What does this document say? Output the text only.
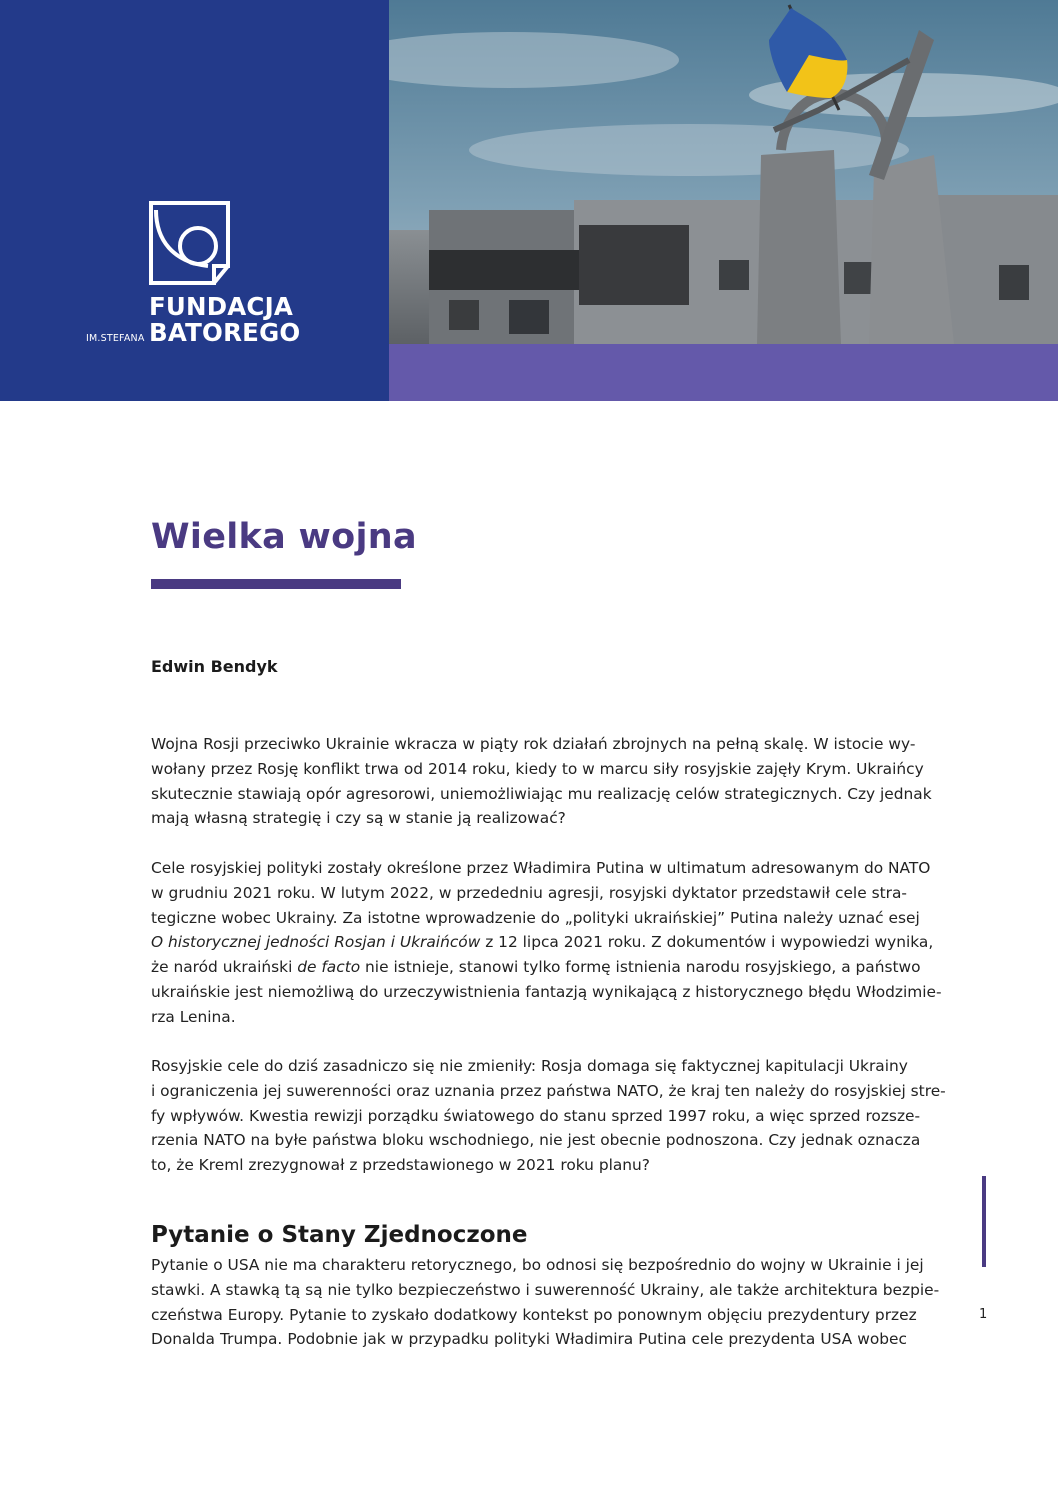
FUNDACJA
BATOREGO
IM.STEFANA
Wielka wojna
Edwin Bendyk
Wojna Rosji przeciwko Ukrainie wkracza w piąty rok działań zbrojnych na pełną skalę. W istocie wy-
wołany przez Rosję konflikt trwa od 2014 roku, kiedy to w marcu siły rosyjskie zajęły Krym. Ukraińcy
skutecznie stawiają opór agresorowi, uniemożliwiając mu realizację celów strategicznych. Czy jednak
mają własną strategię i czy są w stanie ją realizować?
Cele rosyjskiej polityki zostały określone przez Władimira Putina w ultimatum adresowanym do NATO
w grudniu 2021 roku. W lutym 2022, w przededniu agresji, rosyjski dyktator przedstawił cele stra-
tegiczne wobec Ukrainy. Za istotne wprowadzenie do „polityki ukraińskiej” Putina należy uznać esej
O historycznej jedności Rosjan i Ukraińców z 12 lipca 2021 roku. Z dokumentów i wypowiedzi wynika,
że naród ukraiński de facto nie istnieje, stanowi tylko formę istnienia narodu rosyjskiego, a państwo
ukraińskie jest niemożliwą do urzeczywistnienia fantazją wynikającą z historycznego błędu Włodzimie-
rza Lenina.
Rosyjskie cele do dziś zasadniczo się nie zmieniły: Rosja domaga się faktycznej kapitulacji Ukrainy
i ograniczenia jej suwerenności oraz uznania przez państwa NATO, że kraj ten należy do rosyjskiej stre-
fy wpływów. Kwestia rewizji porządku światowego do stanu sprzed 1997 roku, a więc sprzed rozsze-
rzenia NATO na byłe państwa bloku wschodniego, nie jest obecnie podnoszona. Czy jednak oznacza
to, że Kreml zrezygnował z przedstawionego w 2021 roku planu?
Pytanie o Stany Zjednoczone
Pytanie o USA nie ma charakteru retorycznego, bo odnosi się bezpośrednio do wojny w Ukrainie i jej
stawki. A stawką tą są nie tylko bezpieczeństwo i suwerenność Ukrainy, ale także architektura bezpie-
czeństwa Europy. Pytanie to zyskało dodatkowy kontekst po ponownym objęciu prezydentury przez
Donalda Trumpa. Podobnie jak w przypadku polityki Władimira Putina cele prezydenta USA wobec
1
